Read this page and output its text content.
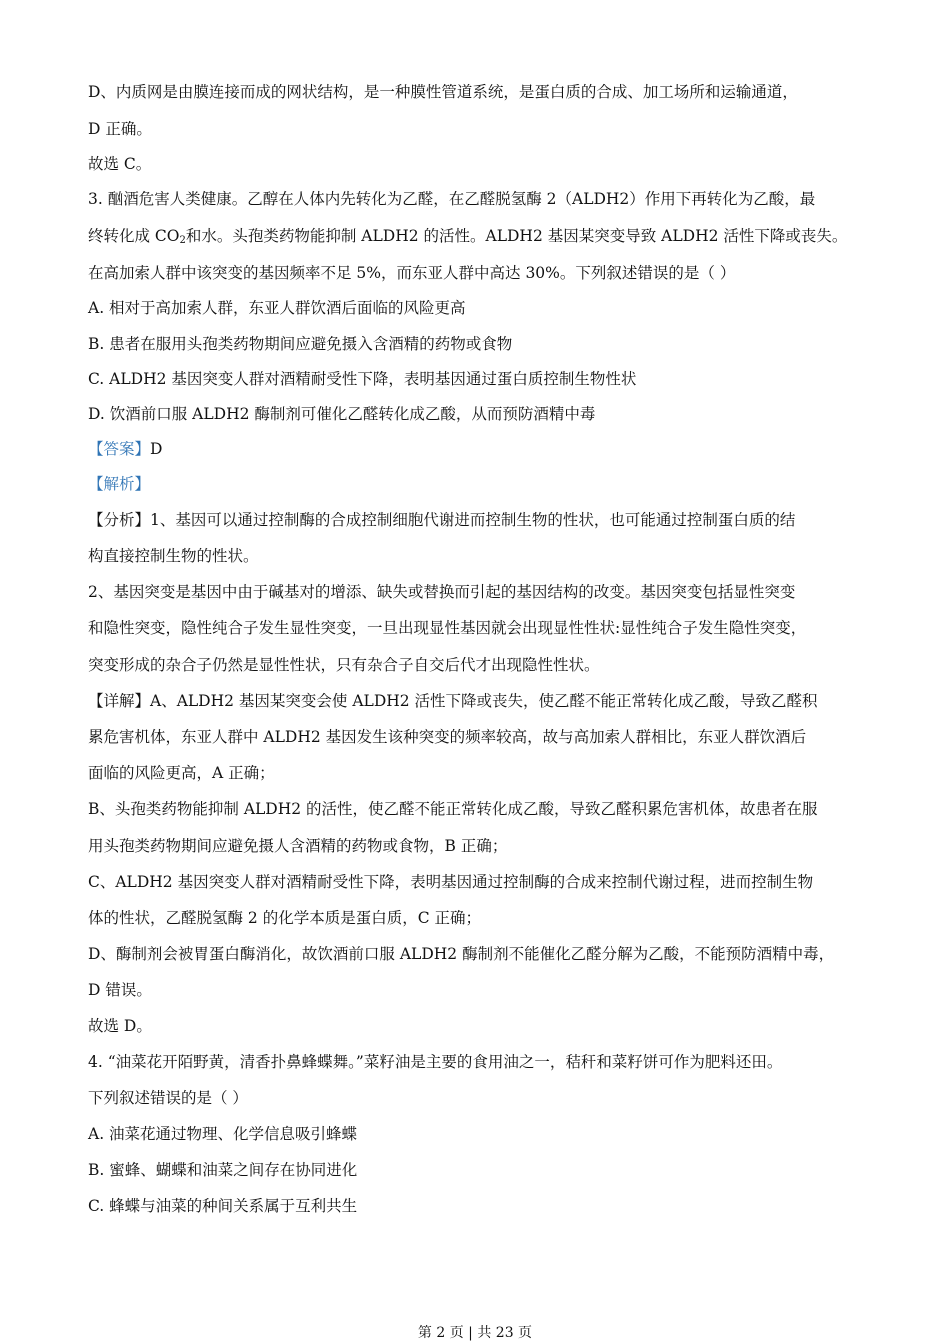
D、内质网是由膜连接而成的网状结构，是一种膜性管道系统，是蛋白质的合成、加工场所和运输通道，
D 正确。
故选 C。
3. 酗酒危害人类健康。乙醇在人体内先转化为乙醛，在乙醛脱氢酶 2（ALDH2）作用下再转化为乙酸，最
终转化成 $CO_2$和水。头孢类药物能抑制 ALDH2 的活性。ALDH2 基因某突变导致 ALDH2 活性下降或丧失。
在高加索人群中该突变的基因频率不足 5%，而东亚人群中高达 30%。下列叙述错误的是（ ）
A. 相对于高加索人群，东亚人群饮酒后面临的风险更高
B. 患者在服用头孢类药物期间应避免摄入含酒精的药物或食物
C. ALDH2 基因突变人群对酒精耐受性下降，表明基因通过蛋白质控制生物性状
D. 饮酒前口服 ALDH2 酶制剂可催化乙醛转化成乙酸，从而预防酒精中毒
【答案】D
【解析】
【分析】1、基因可以通过控制酶的合成控制细胞代谢进而控制生物的性状，也可能通过控制蛋白质的结
构直接控制生物的性状。
2、基因突变是基因中由于碱基对的增添、缺失或替换而引起的基因结构的改变。基因突变包括显性突变
和隐性突变，隐性纯合子发生显性突变，一旦出现显性基因就会出现显性性状:显性纯合子发生隐性突变，
突变形成的杂合子仍然是显性性状，只有杂合子自交后代才出现隐性性状。
【详解】A、ALDH2 基因某突变会使 ALDH2 活性下降或丧失，使乙醛不能正常转化成乙酸，导致乙醛积
累危害机体，东亚人群中 ALDH2 基因发生该种突变的频率较高，故与高加索人群相比，东亚人群饮酒后
面临的风险更高，A 正确；
B、头孢类药物能抑制 ALDH2 的活性，使乙醛不能正常转化成乙酸，导致乙醛积累危害机体，故患者在服
用头孢类药物期间应避免摄人含酒精的药物或食物，B 正确；
C、ALDH2 基因突变人群对酒精耐受性下降，表明基因通过控制酶的合成来控制代谢过程，进而控制生物
体的性状，乙醛脱氢酶 2 的化学本质是蛋白质，C 正确；
D、酶制剂会被胃蛋白酶消化，故饮酒前口服 ALDH2 酶制剂不能催化乙醛分解为乙酸，不能预防酒精中毒，
D 错误。
故选 D。
4. “油菜花开陌野黄，清香扑鼻蜂蝶舞。”菜籽油是主要的食用油之一，秸秆和菜籽饼可作为肥料还田。
下列叙述错误的是（ ）
A. 油菜花通过物理、化学信息吸引蜂蝶
B. 蜜蜂、蝴蝶和油菜之间存在协同进化
C. 蜂蝶与油菜的种间关系属于互利共生
第 2 页 | 共 23 页
